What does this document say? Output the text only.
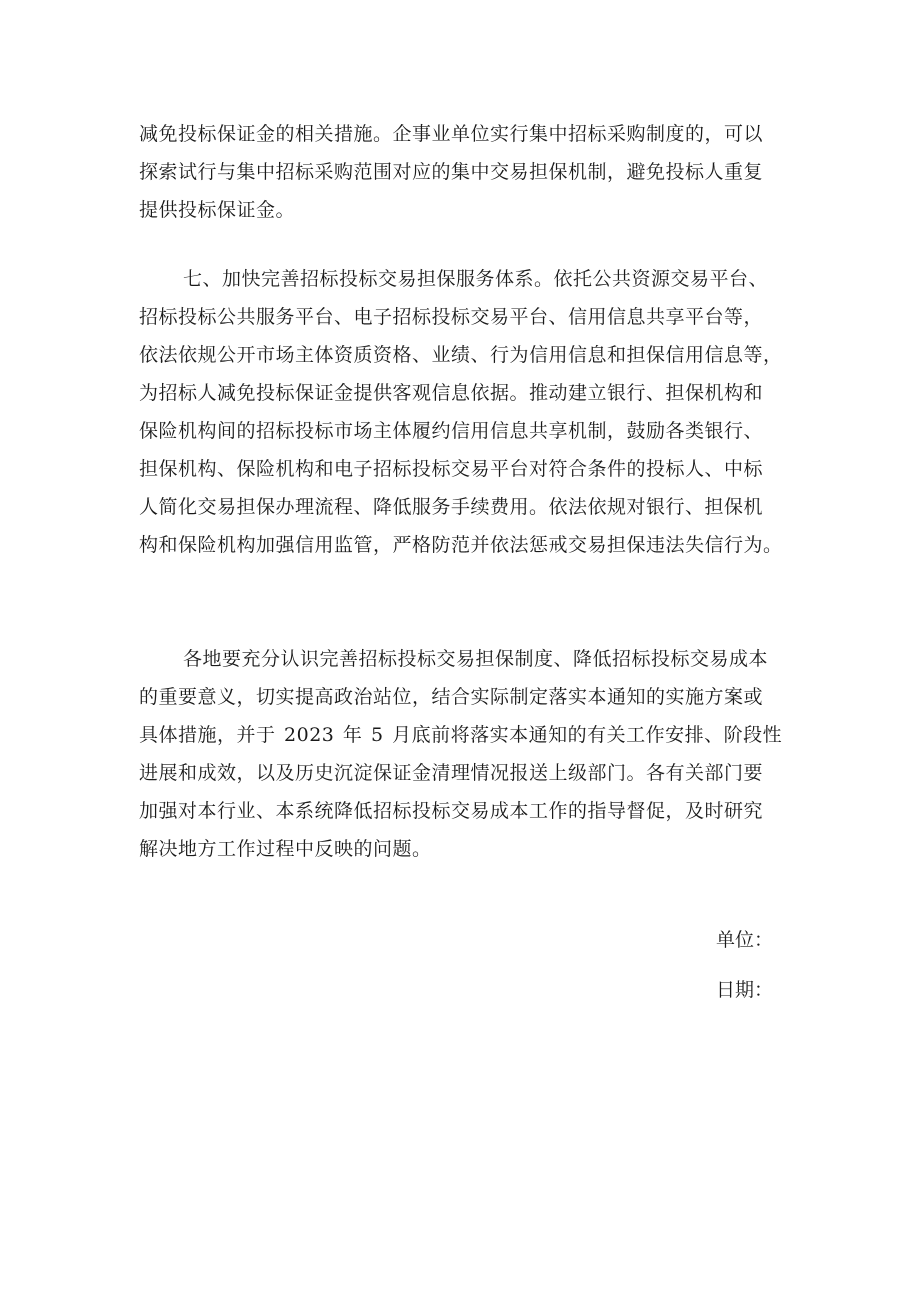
减免投标保证金的相关措施。企事业单位实行集中招标采购制度的，可以
探索试行与集中招标采购范围对应的集中交易担保机制，避免投标人重复
提供投标保证金。
七、加快完善招标投标交易担保服务体系。依托公共资源交易平台、
招标投标公共服务平台、电子招标投标交易平台、信用信息共享平台等，
依法依规公开市场主体资质资格、业绩、行为信用信息和担保信用信息等，
为招标人减免投标保证金提供客观信息依据。推动建立银行、担保机构和
保险机构间的招标投标市场主体履约信用信息共享机制，鼓励各类银行、
担保机构、保险机构和电子招标投标交易平台对符合条件的投标人、中标
人简化交易担保办理流程、降低服务手续费用。依法依规对银行、担保机
构和保险机构加强信用监管，严格防范并依法惩戒交易担保违法失信行为。
各地要充分认识完善招标投标交易担保制度、降低招标投标交易成本
的重要意义，切实提高政治站位，结合实际制定落实本通知的实施方案或
具体措施，并于 2023 年 5 月底前将落实本通知的有关工作安排、阶段性
进展和成效，以及历史沉淀保证金清理情况报送上级部门。各有关部门要
加强对本行业、本系统降低招标投标交易成本工作的指导督促，及时研究
解决地方工作过程中反映的问题。
单位：
日期：
